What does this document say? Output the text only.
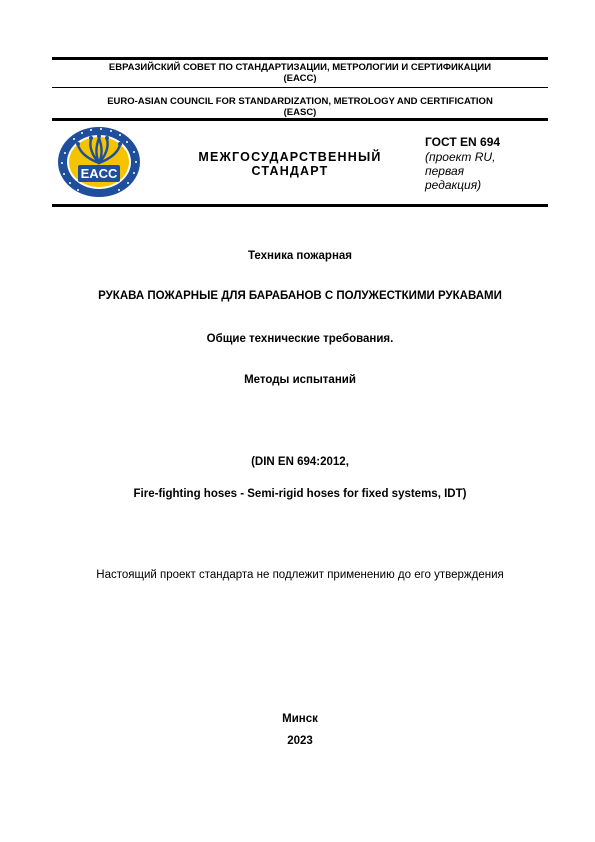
ЕВРАЗИЙСКИЙ СОВЕТ ПО СТАНДАРТИЗАЦИИ, МЕТРОЛОГИИ И СЕРТИФИКАЦИИ
(ЕАСС)
EURO-ASIAN COUNCIL FOR STANDARDIZATION, METROLOGY AND CERTIFICATION
(EASC)
EACC
МЕЖГОСУДАРСТВЕННЫЙ
СТАНДАРТ
ГОСТ EN 694
(проект RU,
первая
редакция)
Техника пожарная
РУКАВА ПОЖАРНЫЕ ДЛЯ БАРАБАНОВ С ПОЛУЖЕСТКИМИ РУКАВАМИ
Общие технические требования.
Методы испытаний
(DIN EN 694:2012,
Fire-fighting hoses - Semi-rigid hoses for fixed systems, IDT)
Настоящий проект стандарта не подлежит применению до его утверждения
Минск
2023
